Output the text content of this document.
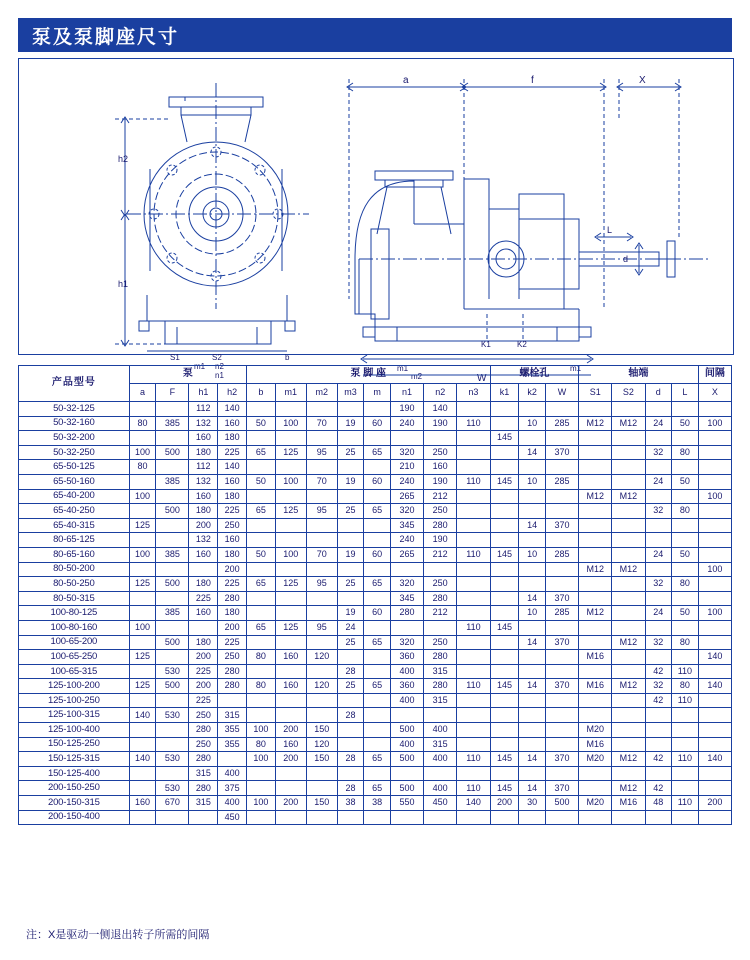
泵及泵脚座尺寸
h2
h1
S1	S2
n2
n1
m1
b
a	f	X
L
d
K1	K2
m1	m1
m2	W
产品型号	泵				泵 脚 座								螺栓孔			轴端				间隔
	a	F	h1	h2	b	m1	m2	m3	m	n1	n2	n3	k1	k2	W	S1	S2	d	L	X
50-32-125			112	140						190	140									
50-32-160	80	385	132	160	50	100	70	19	60	240	190	110		10	285	M12	M12	24	50	100
50-32-200			160	180									145							
50-32-250	100	500	180	225	65	125	95	25	65	320	250			14	370			32	80	
65-50-125	80		112	140						210	160									
65-50-160		385	132	160	50	100	70	19	60	240	190	110	145	10	285			24	50	
65-40-200	100		160	180						265	212					M12	M12			100
65-40-250		500	180	225	65	125	95	25	65	320	250							32	80	
65-40-315	125		200	250						345	280			14	370					
80-65-125			132	160						240	190									
80-65-160	100	385	160	180	50	100	70	19	60	265	212	110	145	10	285			24	50	
80-50-200				200												M12	M12			100
80-50-250	125	500	180	225	65	125	95	25	65	320	250							32	80	
80-50-315			225	280						345	280			14	370					
100-80-125		385	160	180				19	60	280	212			10	285	M12		24	50	100
100-80-160	100			200	65	125	95	24				110	145							
100-65-200		500	180	225				25	65	320	250			14	370		M12	32	80	
100-65-250	125		200	250	80	160	120			360	280					M16				140
100-65-315		530	225	280				28		400	315							42	110	
125-100-200	125	500	200	280	80	160	120	25	65	360	280	110	145	14	370	M16	M12	32	80	140
125-100-250			225							400	315							42	110	
125-100-315	140	530	250	315				28												
125-100-400			280	355	100	200	150			500	400					M20				
150-125-250			250	355	80	160	120			400	315					M16				
150-125-315	140	530	280		100	200	150	28	65	500	400	110	145	14	370	M20	M12	42	110	140
150-125-400			315	400																
200-150-250		530	280	375				28	65	500	400	110	145	14	370		M12	42		
200-150-315	160	670	315	400	100	200	150	38	38	550	450	140	200	30	500	M20	M16	48	110	200
200-150-400				450																
注：X是驱动一侧退出转子所需的间隔
